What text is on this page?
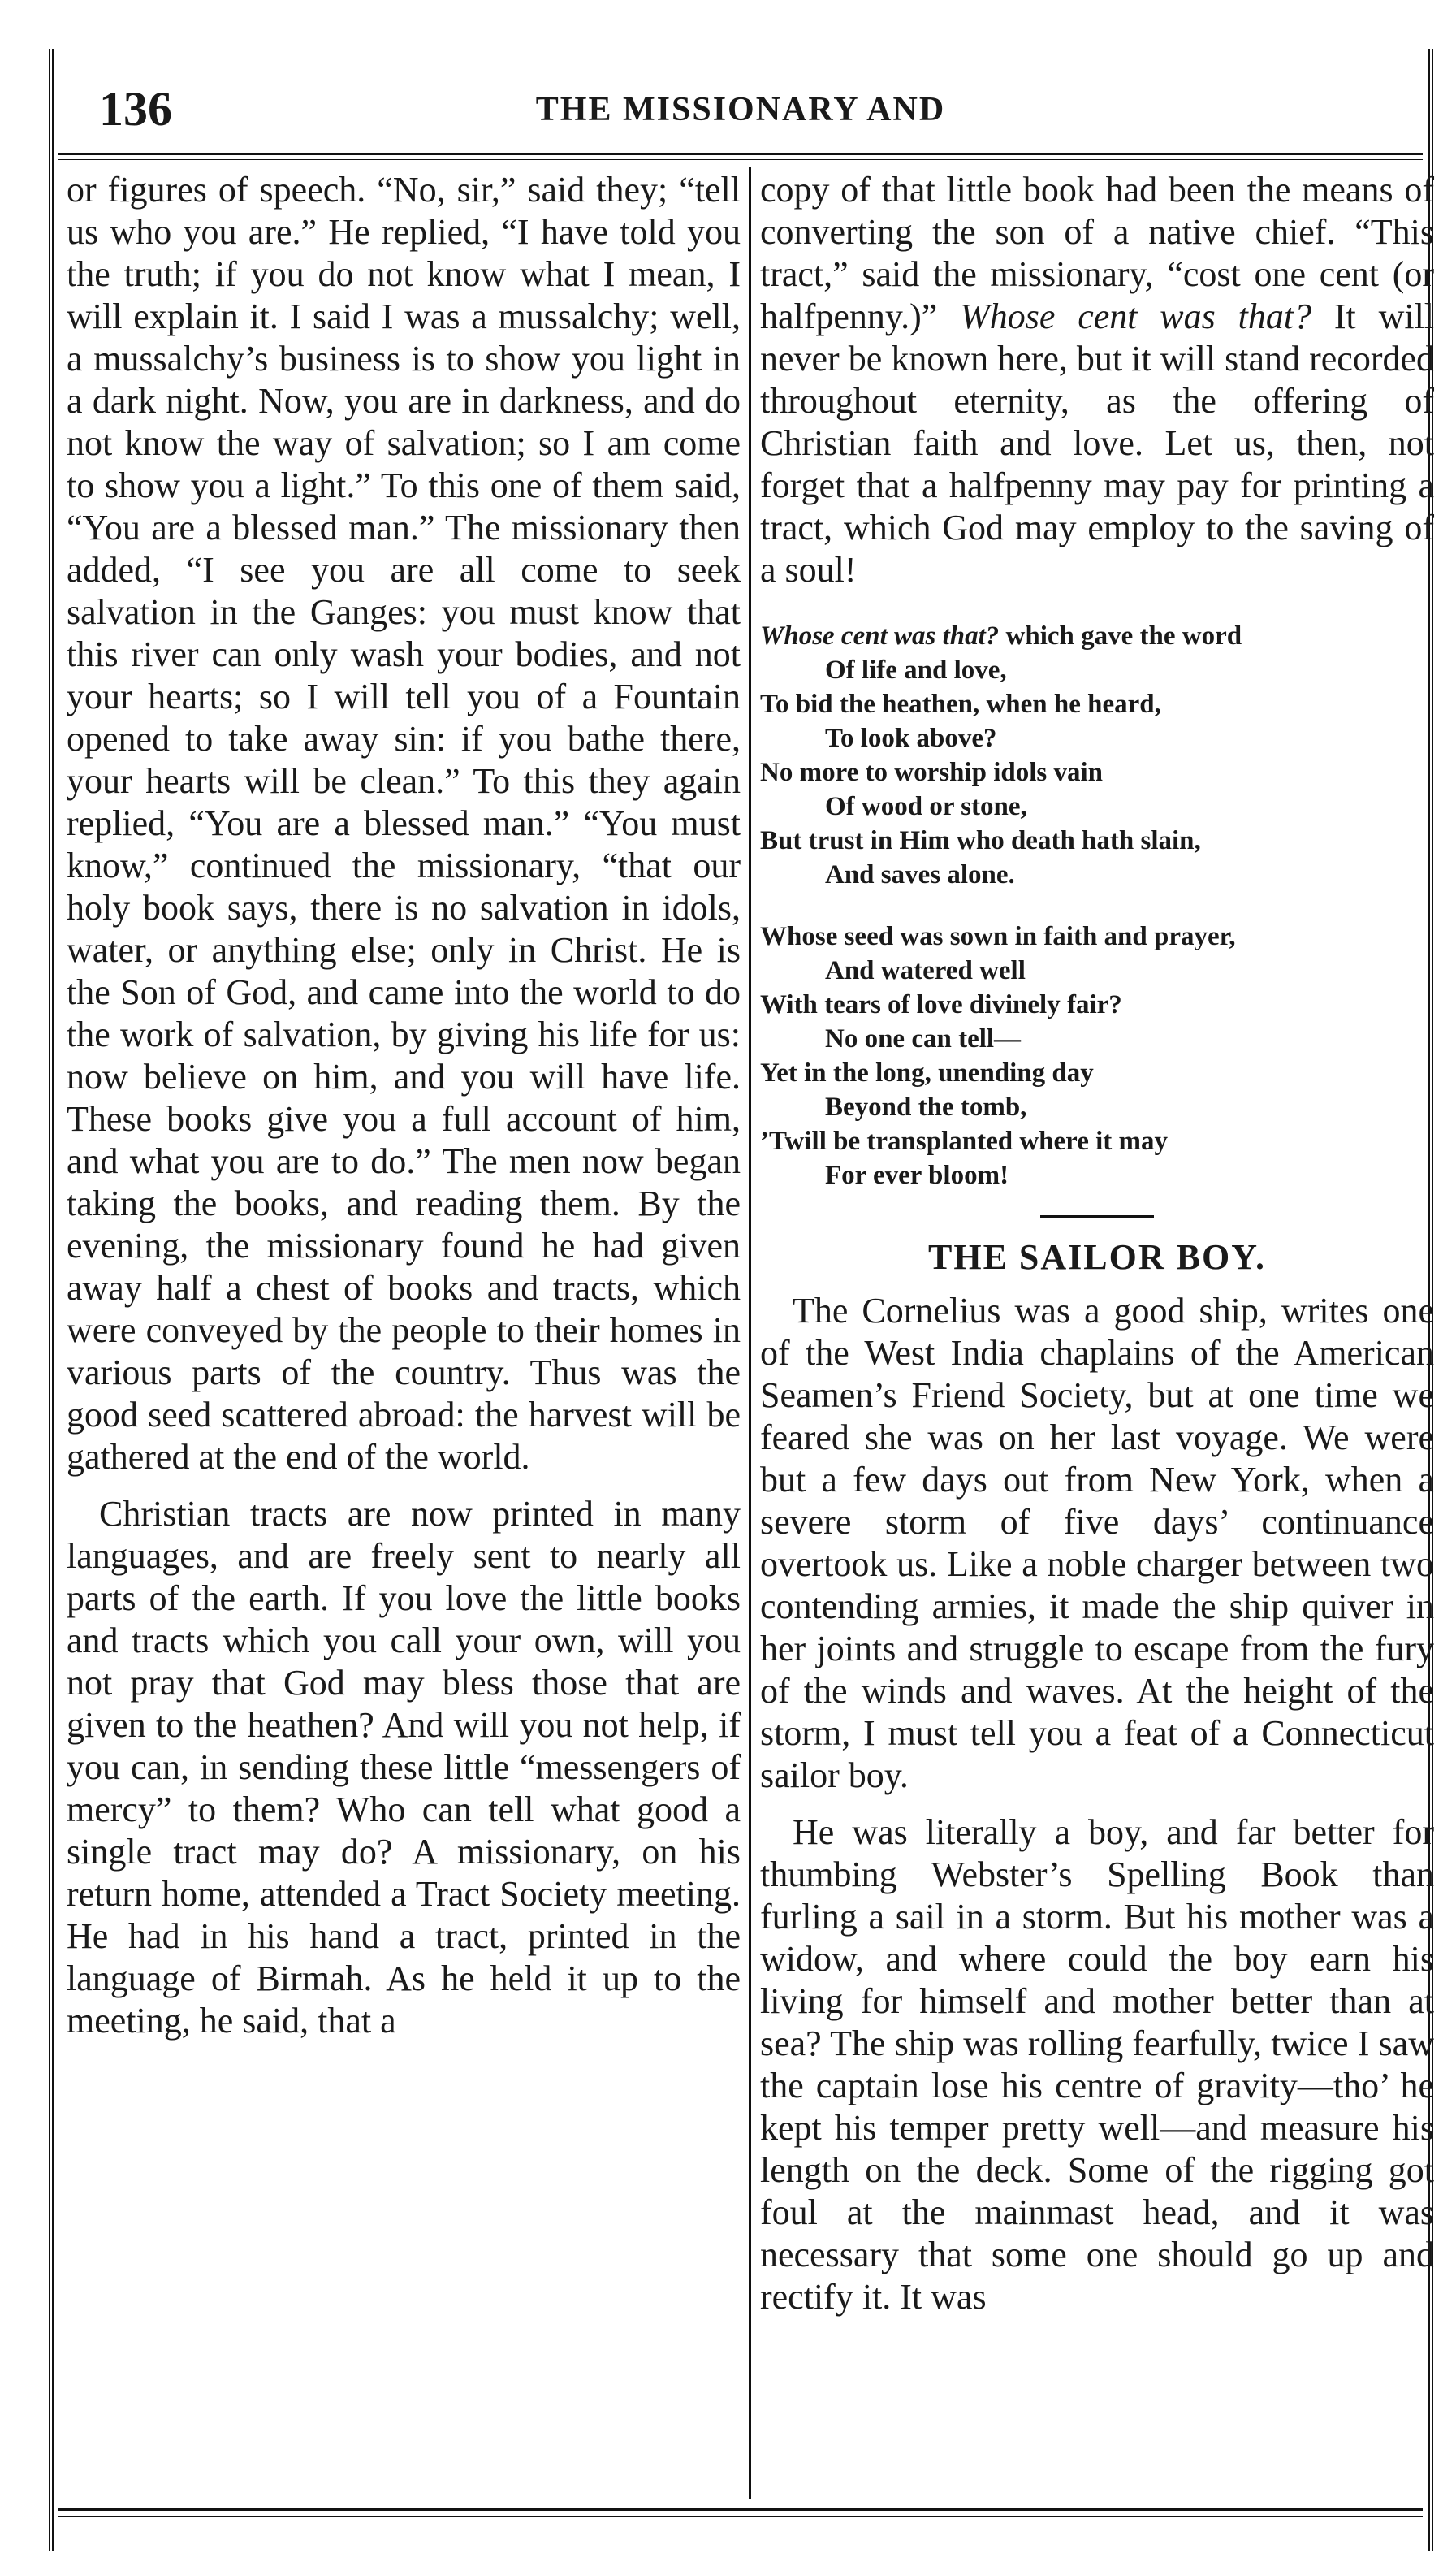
136	THE MISSIONARY AND

or figures of speech. “No, sir,” said they; “tell us who you are.” He replied, “I have told you the truth; if you do not know what I mean, I will explain it. I said I was a mussalchy; well, a mussalchy’s business is to show you light in a dark night. Now, you are in darkness, and do not know the way of salvation; so I am come to show you a light.” To this one of them said, “You are a blessed man.” The missionary then added, “I see you are all come to seek salvation in the Ganges: you must know that this river can only wash your bodies, and not your hearts; so I will tell you of a Fountain opened to take away sin: if you bathe there, your hearts will be clean.” To this they again replied, “You are a blessed man.” “You must know,” continued the missionary, “that our holy book says, there is no salvation in idols, water, or anything else; only in Christ. He is the Son of God, and came into the world to do the work of salvation, by giving his life for us: now believe on him, and you will have life. These books give you a full account of him, and what you are to do.” The men now began taking the books, and reading them. By the evening, the missionary found he had given away half a chest of books and tracts, which were conveyed by the people to their homes in various parts of the country. Thus was the good seed scattered abroad: the harvest will be gathered at the end of the world.

Christian tracts are now printed in many languages, and are freely sent to nearly all parts of the earth. If you love the little books and tracts which you call your own, will you not pray that God may bless those that are given to the heathen? And will you not help, if you can, in sending these little “messengers of mercy” to them? Who can tell what good a single tract may do? A missionary, on his return home, attended a Tract Society meeting. He had in his hand a tract, printed in the language of Birmah. As he held it up to the meeting, he said, that a

copy of that little book had been the means of converting the son of a native chief. “This tract,” said the missionary, “cost one cent (or halfpenny.)” Whose cent was that? It will never be known here, but it will stand recorded throughout eternity, as the offering of Christian faith and love. Let us, then, not forget that a halfpenny may pay for printing a tract, which God may employ to the saving of a soul!

Whose cent was that? which gave the word
Of life and love,
To bid the heathen, when he heard,
To look above?
No more to worship idols vain
Of wood or stone,
But trust in Him who death hath slain,
And saves alone.
Whose seed was sown in faith and prayer,
And watered well
With tears of love divinely fair?
No one can tell—
Yet in the long, unending day
Beyond the tomb,
’Twill be transplanted where it may
For ever bloom!
THE SAILOR BOY.

The Cornelius was a good ship, writes one of the West India chaplains of the American Seamen’s Friend Society, but at one time we feared she was on her last voyage. We were but a few days out from New York, when a severe storm of five days’ continuance overtook us. Like a noble charger between two contending armies, it made the ship quiver in her joints and struggle to escape from the fury of the winds and waves. At the height of the storm, I must tell you a feat of a Connecticut sailor boy.

He was literally a boy, and far better for thumbing Webster’s Spelling Book than furling a sail in a storm. But his mother was a widow, and where could the boy earn his living for himself and mother better than at sea? The ship was rolling fearfully, twice I saw the captain lose his centre of gravity—tho’ he kept his temper pretty well—and measure his length on the deck. Some of the rigging got foul at the mainmast head, and it was necessary that some one should go up and rectify it. It was
